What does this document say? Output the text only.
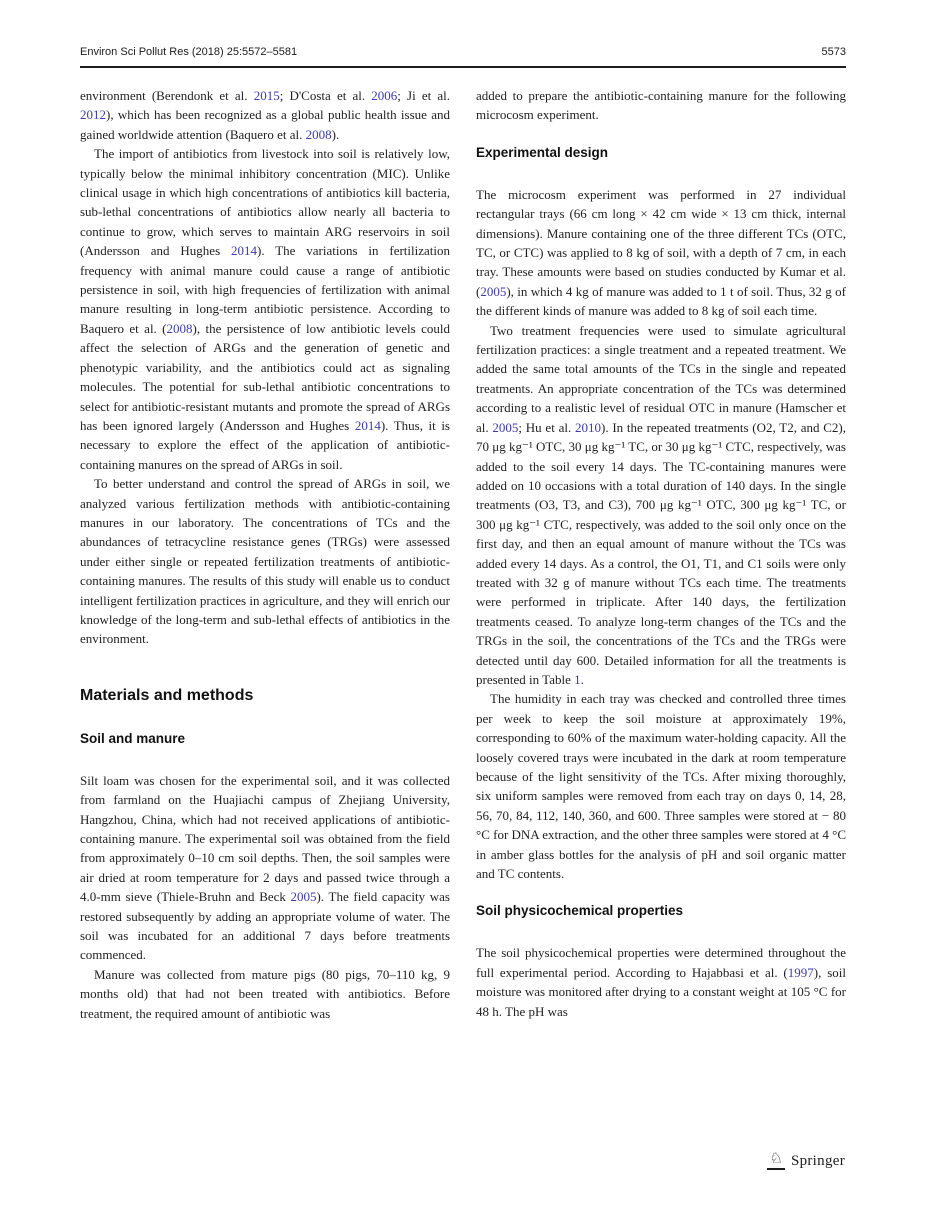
Environ Sci Pollut Res (2018) 25:5572–5581	5573

environment (Berendonk et al. 2015; D'Costa et al. 2006; Ji et al. 2012), which has been recognized as a global public health issue and gained worldwide attention (Baquero et al. 2008).

The import of antibiotics from livestock into soil is relatively low, typically below the minimal inhibitory concentration (MIC). Unlike clinical usage in which high concentrations of antibiotics kill bacteria, sub-lethal concentrations of antibiotics allow nearly all bacteria to continue to grow, which serves to maintain ARG reservoirs in soil (Andersson and Hughes 2014). The variations in fertilization frequency with animal manure could cause a range of antibiotic persistence in soil, with high frequencies of fertilization with animal manure resulting in long-term antibiotic persistence. According to Baquero et al. (2008), the persistence of low antibiotic levels could affect the selection of ARGs and the generation of genetic and phenotypic variability, and the antibiotics could act as signaling molecules. The potential for sub-lethal antibiotic concentrations to select for antibiotic-resistant mutants and promote the spread of ARGs has been ignored largely (Andersson and Hughes 2014). Thus, it is necessary to explore the effect of the application of antibiotic-containing manures on the spread of ARGs in soil.

To better understand and control the spread of ARGs in soil, we analyzed various fertilization methods with antibiotic-containing manures in our laboratory. The concentrations of TCs and the abundances of tetracycline resistance genes (TRGs) were assessed under either single or repeated fertilization treatments of antibiotic-containing manures. The results of this study will enable us to conduct intelligent fertilization practices in agriculture, and they will enrich our knowledge of the long-term and sub-lethal effects of antibiotics in the environment.

Materials and methods
Soil and manure

Silt loam was chosen for the experimental soil, and it was collected from farmland on the Huajiachi campus of Zhejiang University, Hangzhou, China, which had not received applications of antibiotic-containing manure. The experimental soil was obtained from the field from approximately 0–10 cm soil depths. Then, the soil samples were air dried at room temperature for 2 days and passed twice through a 4.0-mm sieve (Thiele-Bruhn and Beck 2005). The field capacity was restored subsequently by adding an appropriate volume of water. The soil was incubated for an additional 7 days before treatments commenced.

Manure was collected from mature pigs (80 pigs, 70–110 kg, 9 months old) that had not been treated with antibiotics. Before treatment, the required amount of antibiotic was

added to prepare the antibiotic-containing manure for the following microcosm experiment.

Experimental design

The microcosm experiment was performed in 27 individual rectangular trays (66 cm long × 42 cm wide × 13 cm thick, internal dimensions). Manure containing one of the three different TCs (OTC, TC, or CTC) was applied to 8 kg of soil, with a depth of 7 cm, in each tray. These amounts were based on studies conducted by Kumar et al. (2005), in which 4 kg of manure was added to 1 t of soil. Thus, 32 g of the different kinds of manure was added to 8 kg of soil each time.

Two treatment frequencies were used to simulate agricultural fertilization practices: a single treatment and a repeated treatment. We added the same total amounts of the TCs in the single and repeated treatments. An appropriate concentration of the TCs was determined according to a realistic level of residual OTC in manure (Hamscher et al. 2005; Hu et al. 2010). In the repeated treatments (O2, T2, and C2), 70 μg kg⁻¹ OTC, 30 μg kg⁻¹ TC, or 30 μg kg⁻¹ CTC, respectively, was added to the soil every 14 days. The TC-containing manures were added on 10 occasions with a total duration of 140 days. In the single treatments (O3, T3, and C3), 700 μg kg⁻¹ OTC, 300 μg kg⁻¹ TC, or 300 μg kg⁻¹ CTC, respectively, was added to the soil only once on the first day, and then an equal amount of manure without the TCs was added every 14 days. As a control, the O1, T1, and C1 soils were only treated with 32 g of manure without TCs each time. The treatments were performed in triplicate. After 140 days, the fertilization treatments ceased. To analyze long-term changes of the TCs and the TRGs in the soil, the concentrations of the TCs and the TRGs were detected until day 600. Detailed information for all the treatments is presented in Table 1.

The humidity in each tray was checked and controlled three times per week to keep the soil moisture at approximately 19%, corresponding to 60% of the maximum water-holding capacity. All the loosely covered trays were incubated in the dark at room temperature because of the light sensitivity of the TCs. After mixing thoroughly, six uniform samples were removed from each tray on days 0, 14, 28, 56, 70, 84, 112, 140, 360, and 600. Three samples were stored at − 80 °C for DNA extraction, and the other three samples were stored at 4 °C in amber glass bottles for the analysis of pH and soil organic matter and TC contents.

Soil physicochemical properties

The soil physicochemical properties were determined throughout the full experimental period. According to Hajabbasi et al. (1997), soil moisture was monitored after drying to a constant weight at 105 °C for 48 h. The pH was

♘ Springer
